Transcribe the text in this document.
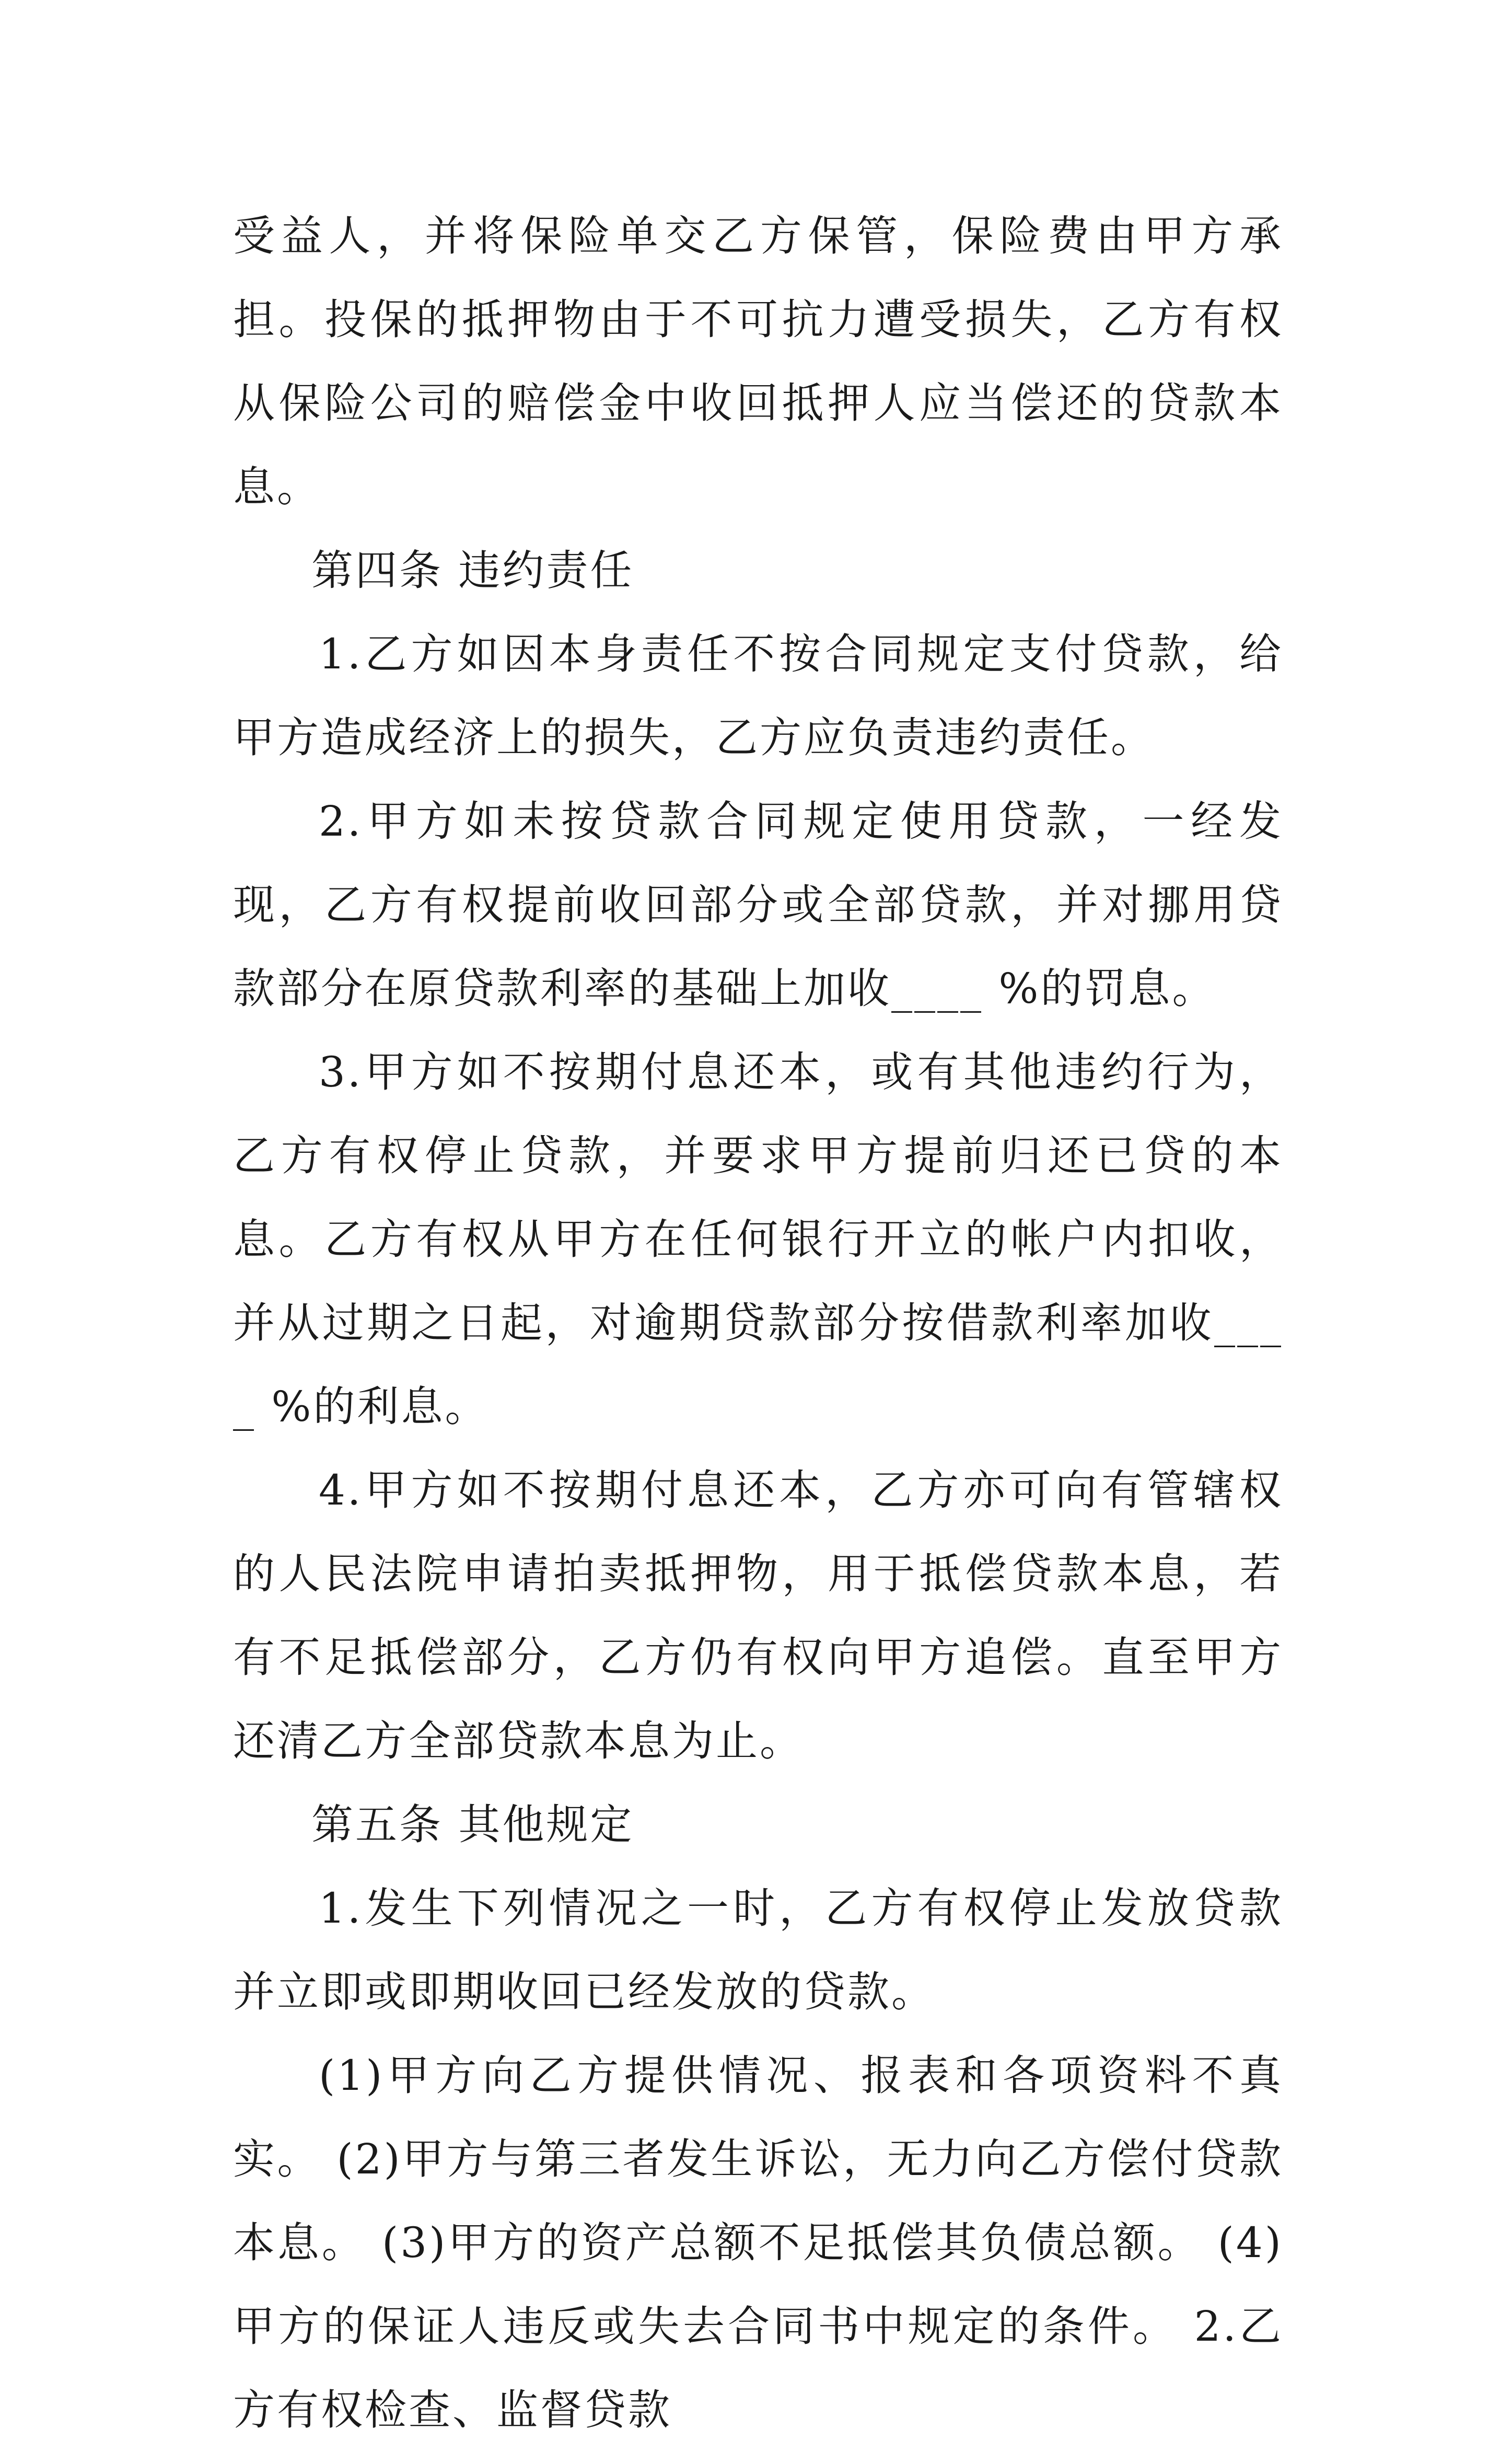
受益人，并将保险单交乙方保管，保险费由甲方承担。投保的抵押物由于不可抗力遭受损失，乙方有权从保险公司的赔偿金中收回抵押人应当偿还的贷款本息。

第四条 违约责任

1.乙方如因本身责任不按合同规定支付贷款，给甲方造成经济上的损失，乙方应负责违约责任。

2.甲方如未按贷款合同规定使用贷款，一经发现，乙方有权提前收回部分或全部贷款，并对挪用贷款部分在原贷款利率的基础上加收____ %的罚息。

3.甲方如不按期付息还本，或有其他违约行为，乙方有权停止贷款，并要求甲方提前归还已贷的本息。乙方有权从甲方在任何银行开立的帐户内扣收，并从过期之日起，对逾期贷款部分按借款利率加收____ %的利息。

4.甲方如不按期付息还本，乙方亦可向有管辖权的人民法院申请拍卖抵押物，用于抵偿贷款本息，若有不足抵偿部分，乙方仍有权向甲方追偿。直至甲方还清乙方全部贷款本息为止。

第五条 其他规定

1.发生下列情况之一时，乙方有权停止发放贷款并立即或即期收回已经发放的贷款。

(1)甲方向乙方提供情况、报表和各项资料不真实。 (2)甲方与第三者发生诉讼，无力向乙方偿付贷款本息。 (3)甲方的资产总额不足抵偿其负债总额。 (4)甲方的保证人违反或失去合同书中规定的条件。 2.乙方有权检查、监督贷款
